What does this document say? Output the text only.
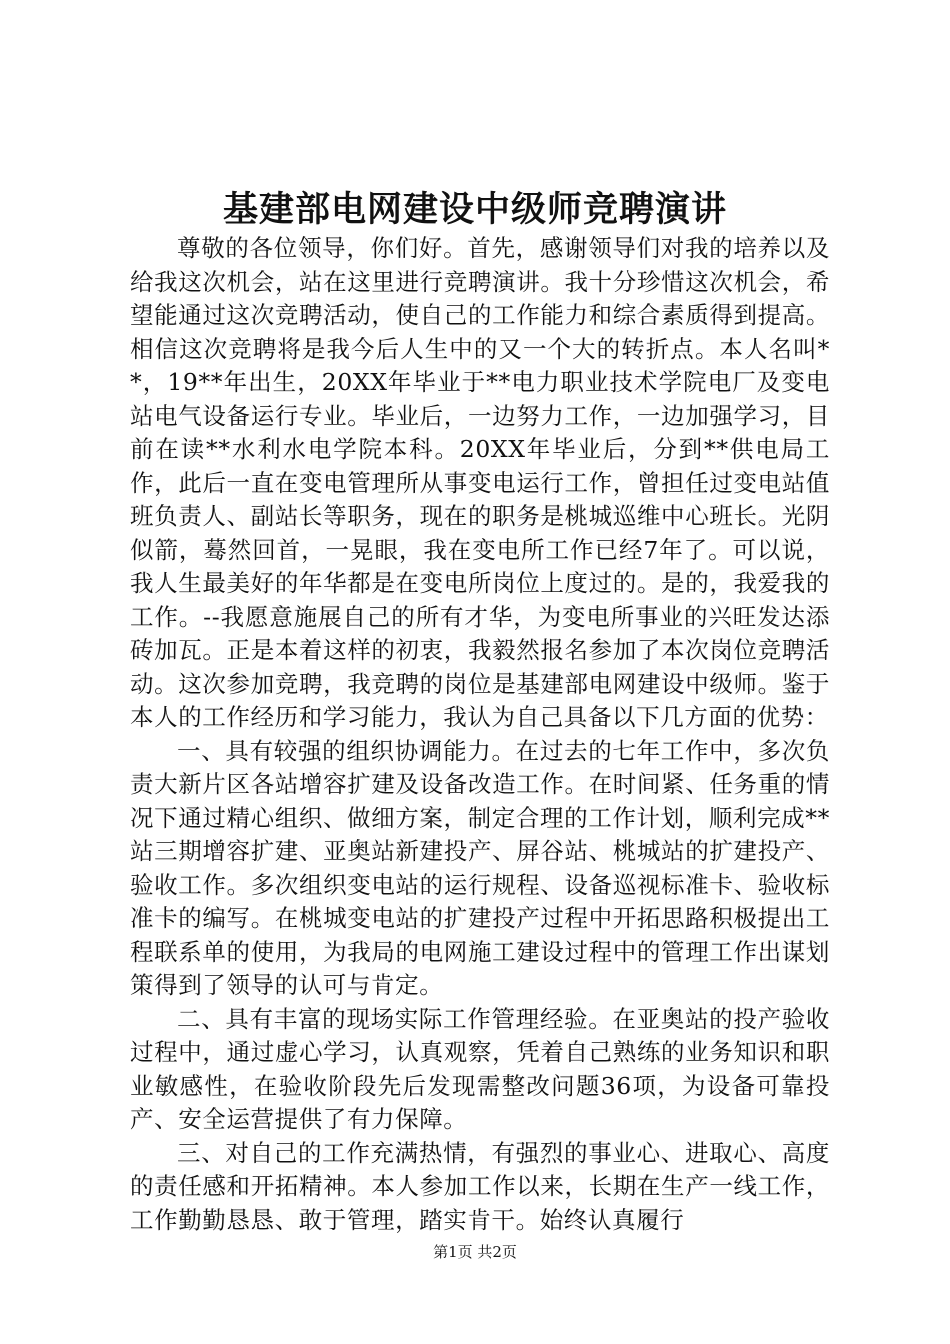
基建部电网建设中级师竞聘演讲

尊敬的各位领导，你们好。首先，感谢领导们对我的培养以及给我这次机会，站在这里进行竞聘演讲。我十分珍惜这次机会，希望能通过这次竞聘活动，使自己的工作能力和综合素质得到提高。相信这次竞聘将是我今后人生中的又一个大的转折点。本人名叫**，19**年出生，20XX年毕业于**电力职业技术学院电厂及变电站电气设备运行专业。毕业后，一边努力工作，一边加强学习，目前在读**水利水电学院本科。20XX年毕业后，分到**供电局工作，此后一直在变电管理所从事变电运行工作，曾担任过变电站值班负责人、副站长等职务，现在的职务是桃城巡维中心班长。光阴似箭，蓦然回首，一晃眼，我在变电所工作已经7年了。可以说，我人生最美好的年华都是在变电所岗位上度过的。是的，我爱我的工作。--我愿意施展自己的所有才华，为变电所事业的兴旺发达添砖加瓦。正是本着这样的初衷，我毅然报名参加了本次岗位竞聘活动。这次参加竞聘，我竞聘的岗位是基建部电网建设中级师。鉴于本人的工作经历和学习能力，我认为自己具备以下几方面的优势：

一、具有较强的组织协调能力。在过去的七年工作中，多次负责大新片区各站增容扩建及设备改造工作。在时间紧、任务重的情况下通过精心组织、做细方案，制定合理的工作计划，顺利完成**站三期增容扩建、亚奥站新建投产、屏谷站、桃城站的扩建投产、验收工作。多次组织变电站的运行规程、设备巡视标准卡、验收标准卡的编写。在桃城变电站的扩建投产过程中开拓思路积极提出工程联系单的使用，为我局的电网施工建设过程中的管理工作出谋划策得到了领导的认可与肯定。

二、具有丰富的现场实际工作管理经验。在亚奥站的投产验收过程中，通过虚心学习，认真观察，凭着自己熟练的业务知识和职业敏感性，在验收阶段先后发现需整改问题36项，为设备可靠投产、安全运营提供了有力保障。

三、对自己的工作充满热情，有强烈的事业心、进取心、高度的责任感和开拓精神。本人参加工作以来，长期在生产一线工作，工作勤勤恳恳、敢于管理，踏实肯干。始终认真履行

第1页 共2页
